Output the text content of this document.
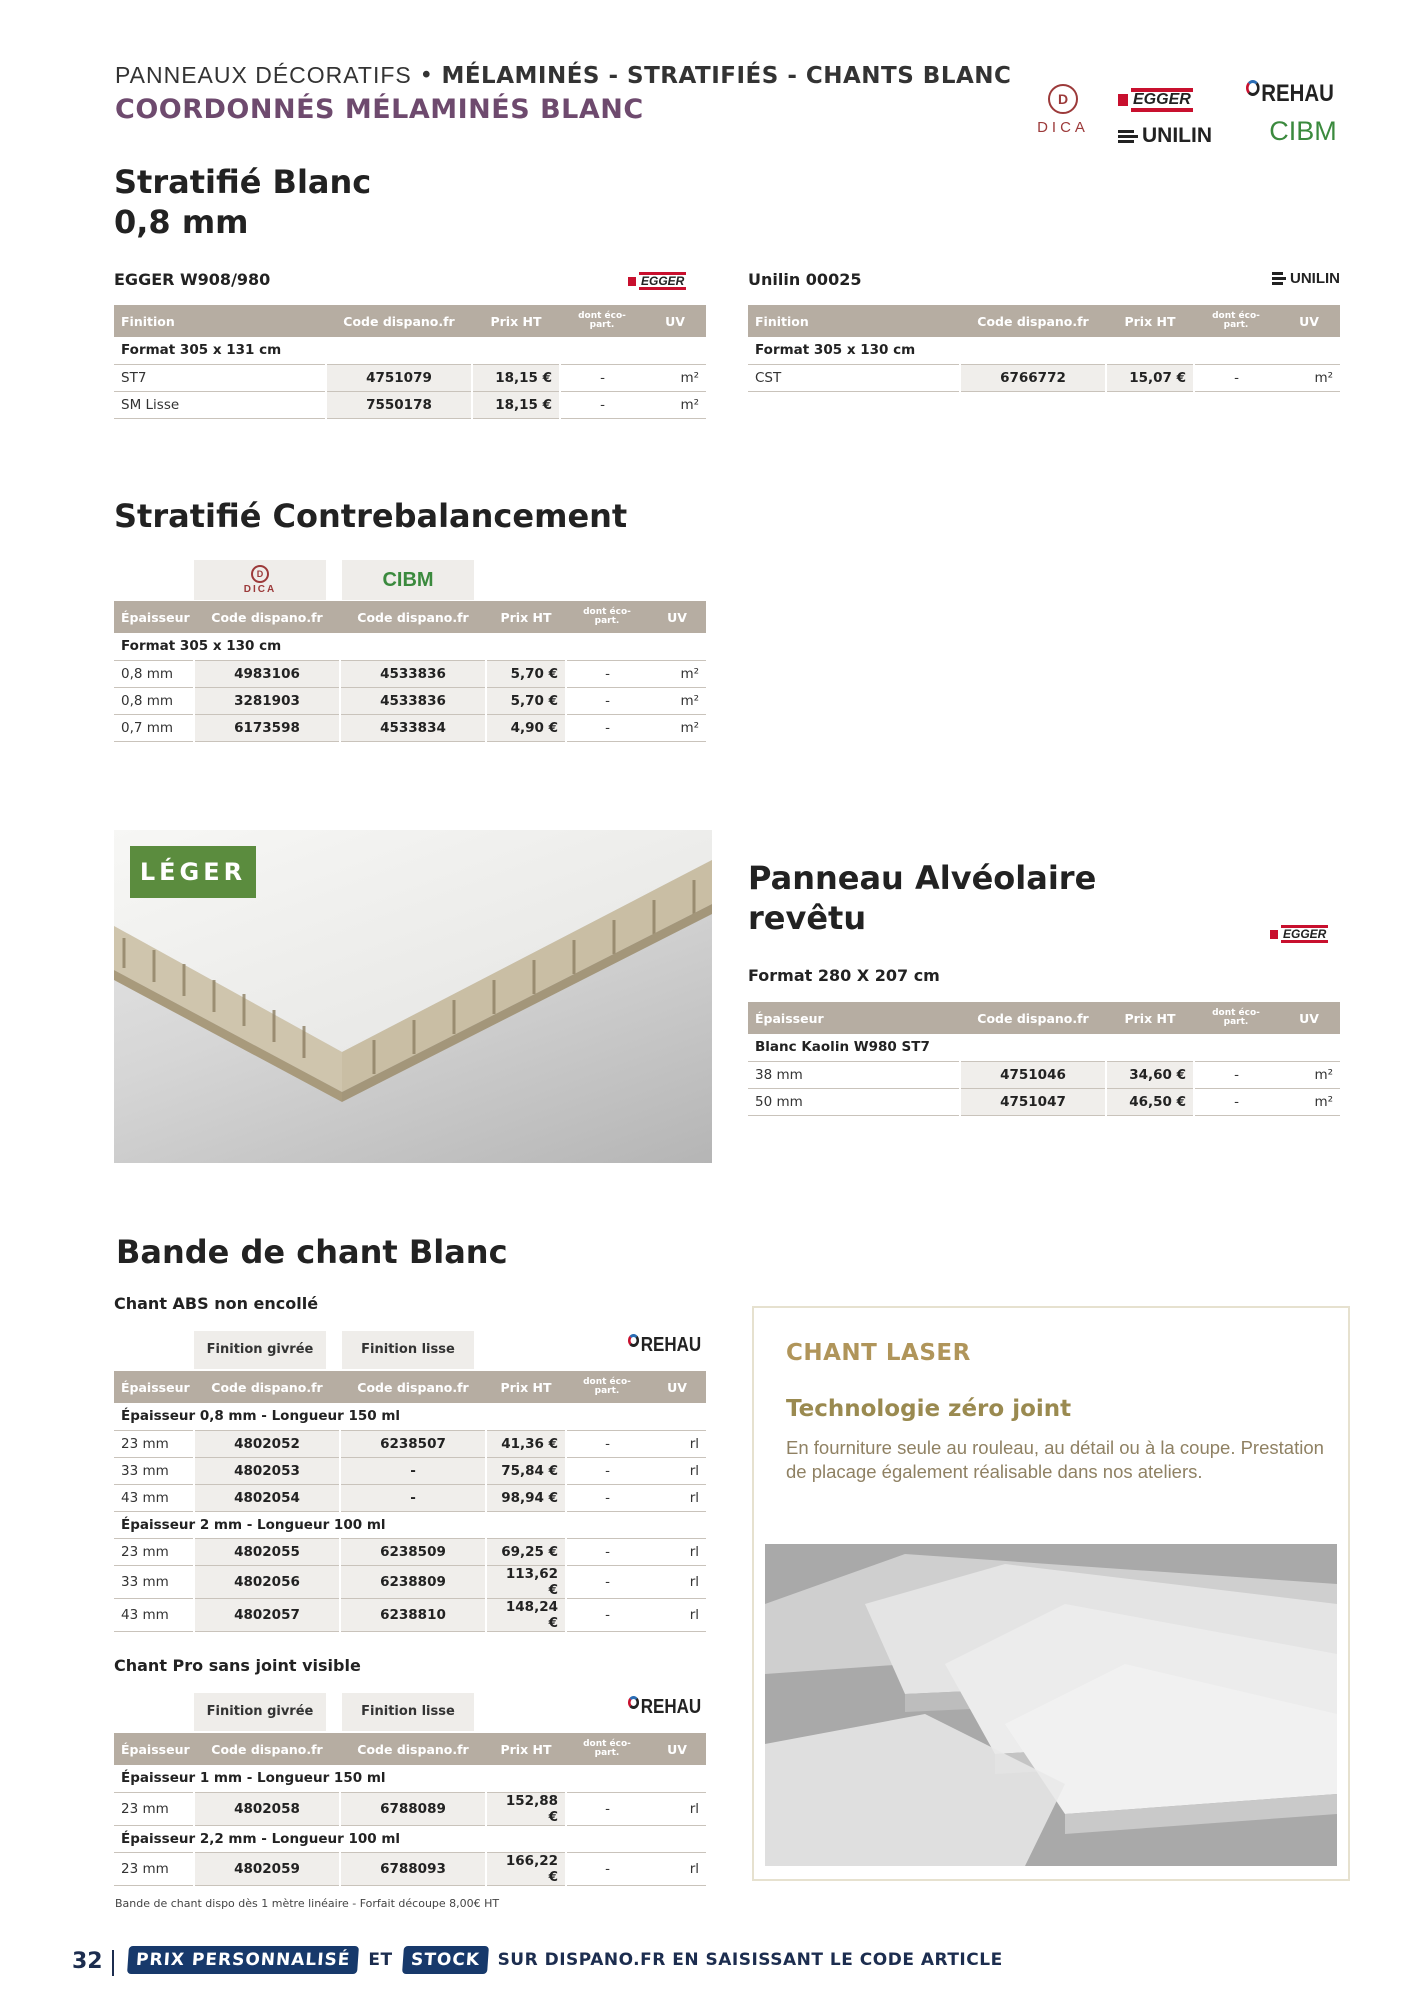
PANNEAUX DÉCORATIFS • MÉLAMINÉS - STRATIFIÉS - CHANTS BLANC
COORDONNÉS MÉLAMINÉS BLANC	D
DICA

EGGER
UNILIN
REHAU
CIBM
Stratifié Blanc
0,8 mm
EGGER W908/980	EGGER
Finition	Code dispano.fr	Prix HT	dont éco-part.	UV
Format 305 x 131 cm				
ST7	4751079	18,15 €	-	m²
SM Lisse	7550178	18,15 €	-	m²
Unilin 00025	UNILIN
Finition	Code dispano.fr	Prix HT	dont éco-part.	UV
Format 305 x 130 cm				
CST	6766772	15,07 €	-	m²
Stratifié Contrebalancement
D
DICA	CIBM
Épaisseur	Code dispano.fr	Code dispano.fr	Prix HT	dont éco-part.	UV
Format 305 x 130 cm					
0,8 mm	4983106	4533836	5,70 €	-	m²
0,8 mm	3281903	4533836	5,70 €	-	m²
0,7 mm	6173598	4533834	4,90 €	-	m²
LÉGER	Panneau Alvéolaire
revêtu	EGGER
Format 280 X 207 cm
Épaisseur	Code dispano.fr	Prix HT	dont éco-part.	UV
Blanc Kaolin W980 ST7				
38 mm	4751046	34,60 €	-	m²
50 mm	4751047	46,50 €	-	m²
Bande de chant Blanc
Chant ABS non encollé
Finition givrée	Finition lisse	REHAU
Épaisseur	Code dispano.fr	Code dispano.fr	Prix HT	dont éco-part.	UV
Épaisseur 0,8 mm - Longueur 150 ml					
23 mm	4802052	6238507	41,36 €	-	rl
33 mm	4802053	-	75,84 €	-	rl
43 mm	4802054	-	98,94 €	-	rl
Épaisseur 2 mm - Longueur 100 ml					
23 mm	4802055	6238509	69,25 €	-	rl
33 mm	4802056	6238809	113,62 €	-	rl
43 mm	4802057	6238810	148,24 €	-	rl
Chant Pro sans joint visible
Finition givrée	Finition lisse	REHAU
Épaisseur	Code dispano.fr	Code dispano.fr	Prix HT	dont éco-part.	UV
Épaisseur 1 mm - Longueur 150 ml					
23 mm	4802058	6788089	152,88 €	-	rl
Épaisseur 2,2 mm - Longueur 100 ml					
23 mm	4802059	6788093	166,22 €	-	rl
Bande de chant dispo dès 1 mètre linéaire - Forfait découpe 8,00€ HT
CHANT LASER
Technologie zéro joint
En fourniture seule au rouleau, au détail ou à la coupe. Prestation de placage également réalisable dans nos ateliers.
32	PRIX PERSONNALISÉ	ET	STOCK	SUR DISPANO.FR EN SAISISSANT LE CODE ARTICLE
